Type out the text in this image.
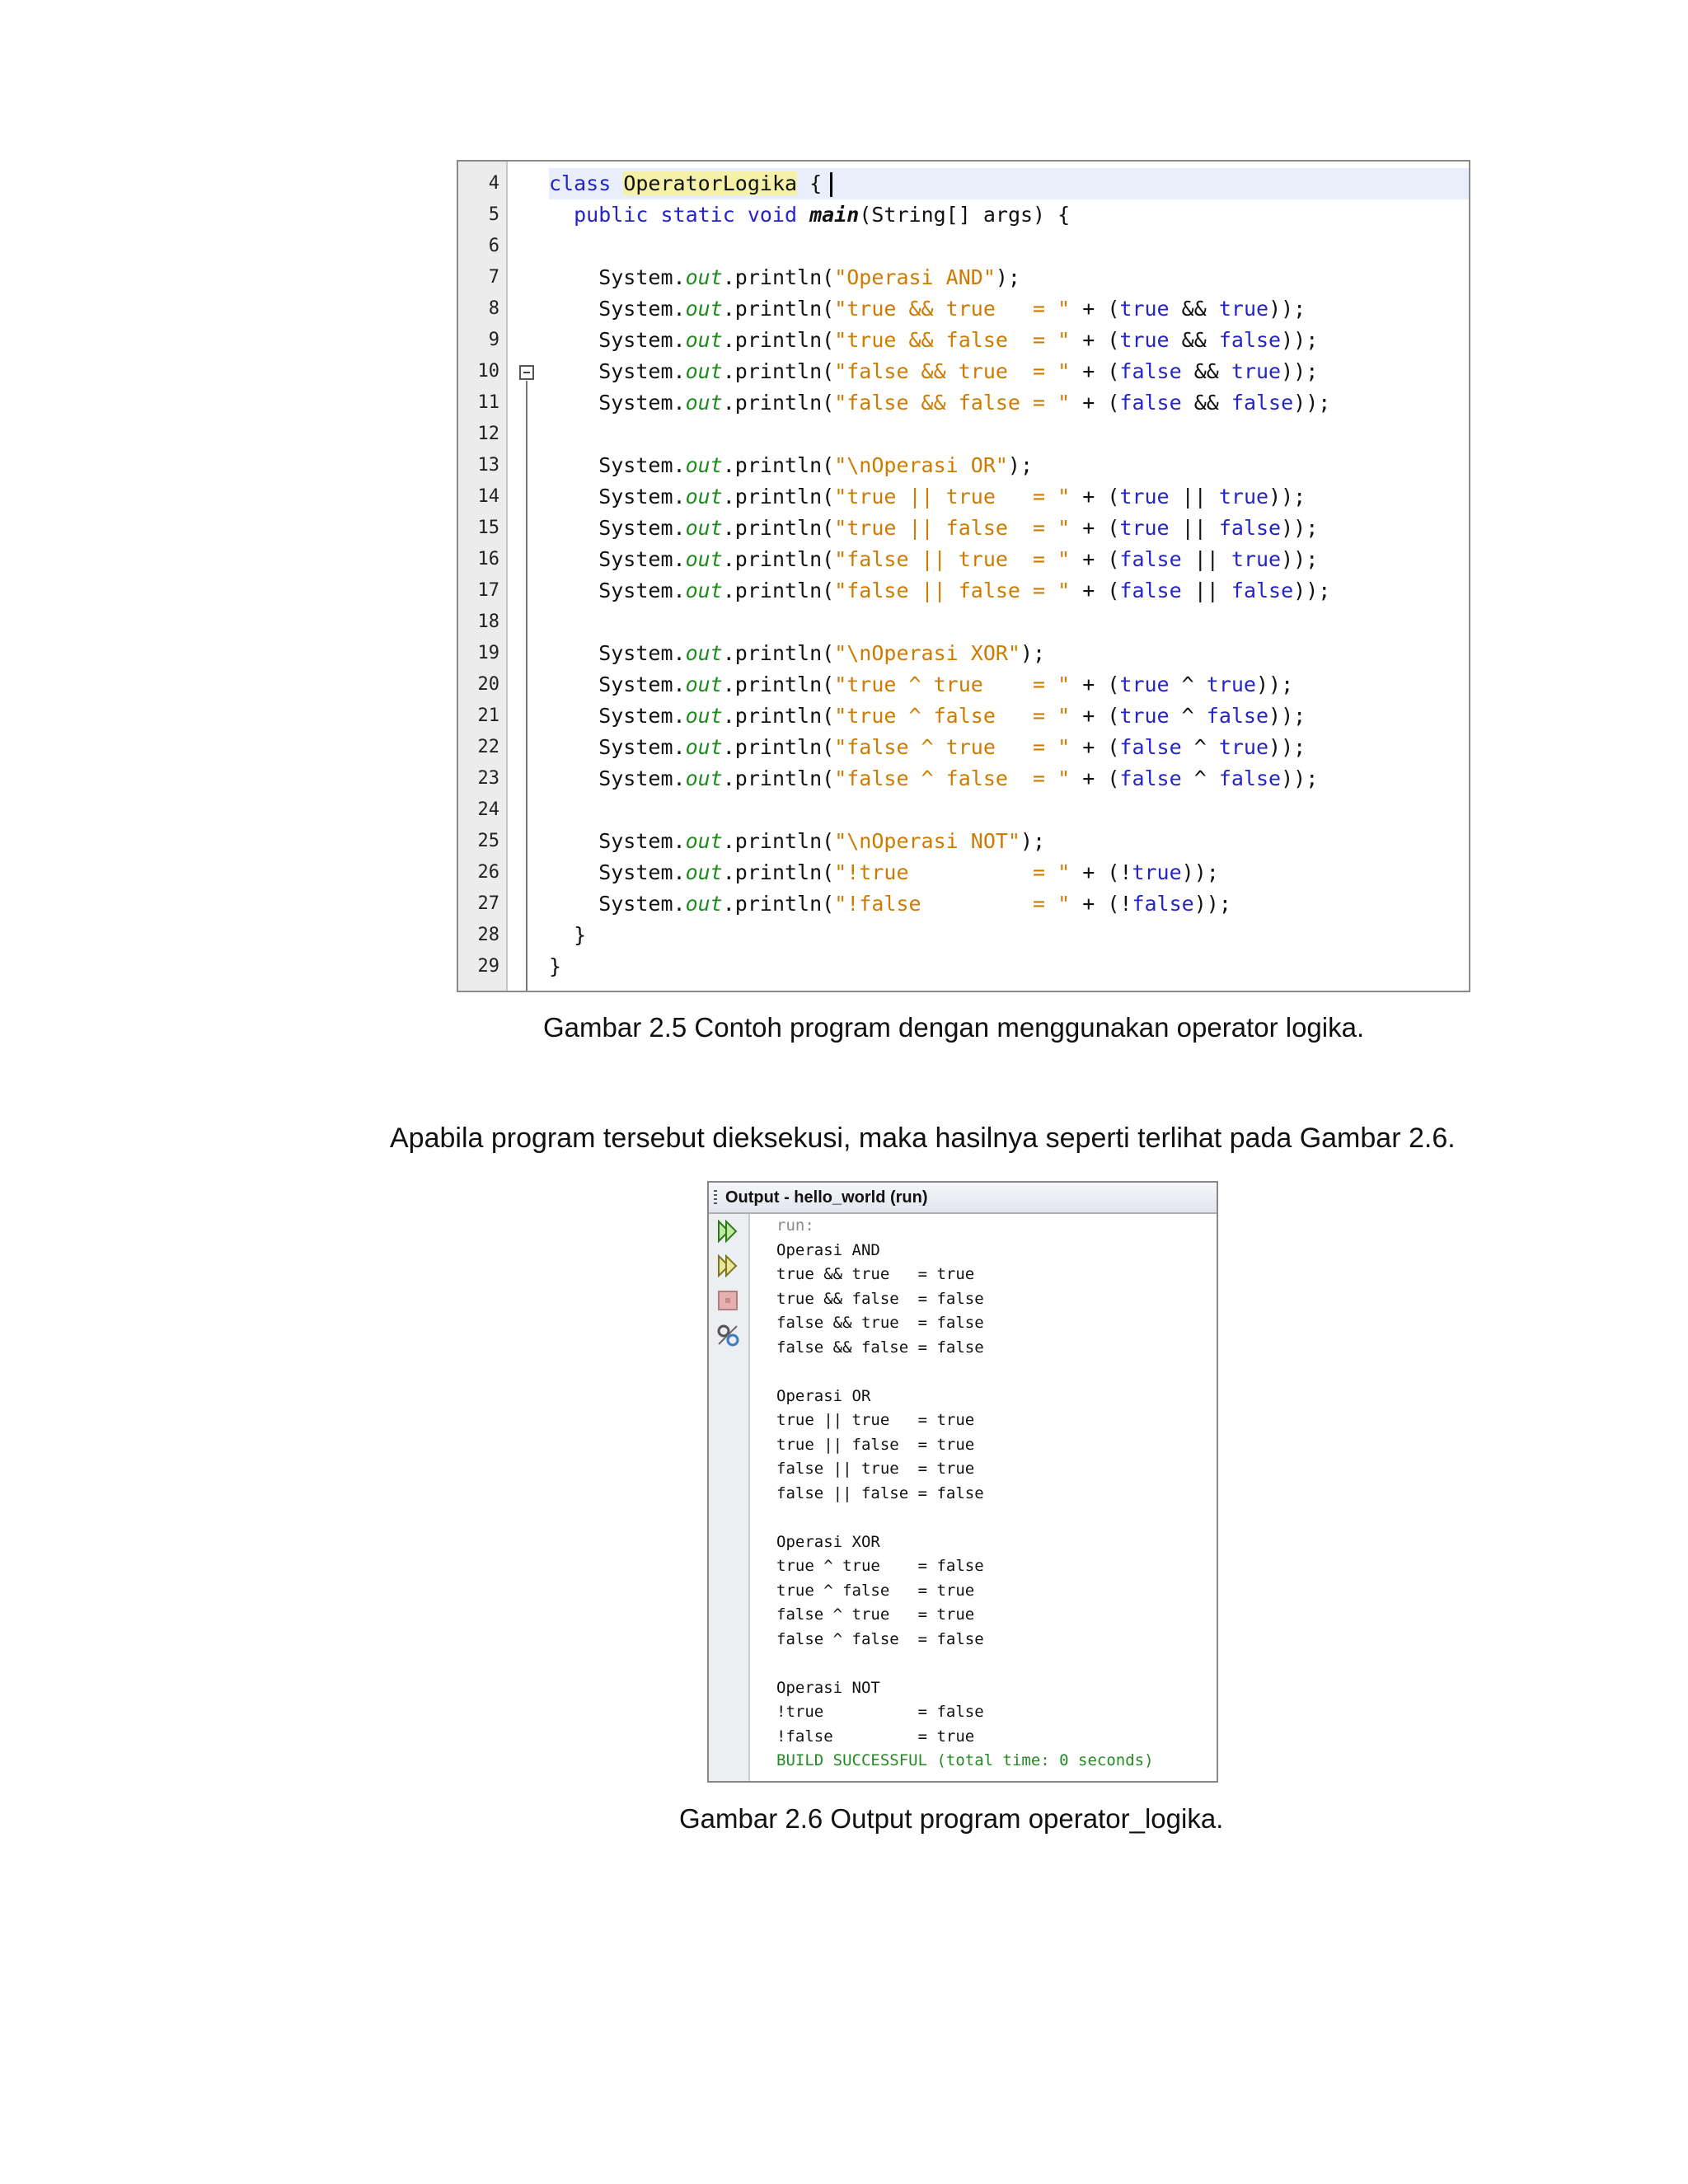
4
5
6
7
8
9
10
11
12
13
14
15
16
17
18
19
20
21
22
23
24
25
26
27
28
29
class OperatorLogika {
public static void main(String[] args) {
System.out.println("Operasi AND");
System.out.println("true && true   = " + (true && true));
System.out.println("true && false  = " + (true && false));
System.out.println("false && true  = " + (false && true));
System.out.println("false && false = " + (false && false));
System.out.println("\nOperasi OR");
System.out.println("true || true   = " + (true || true));
System.out.println("true || false  = " + (true || false));
System.out.println("false || true  = " + (false || true));
System.out.println("false || false = " + (false || false));
System.out.println("\nOperasi XOR");
System.out.println("true ^ true    = " + (true ^ true));
System.out.println("true ^ false   = " + (true ^ false));
System.out.println("false ^ true   = " + (false ^ true));
System.out.println("false ^ false  = " + (false ^ false));
System.out.println("\nOperasi NOT");
System.out.println("!true          = " + (!true));
System.out.println("!false         = " + (!false));
}
}
Gambar 2.5 Contoh program dengan menggunakan operator logika.
Apabila program tersebut dieksekusi, maka hasilnya seperti terlihat pada Gambar 2.6.
Output - hello_world (run)
run:
Operasi AND
true && true   = true
true && false  = false
false && true  = false
false && false = false
Operasi OR
true || true   = true
true || false  = true
false || true  = true
false || false = false
Operasi XOR
true ^ true    = false
true ^ false   = true
false ^ true   = true
false ^ false  = false
Operasi NOT
!true          = false
!false         = true
BUILD SUCCESSFUL (total time: 0 seconds)
Gambar 2.6 Output program operator_logika.
